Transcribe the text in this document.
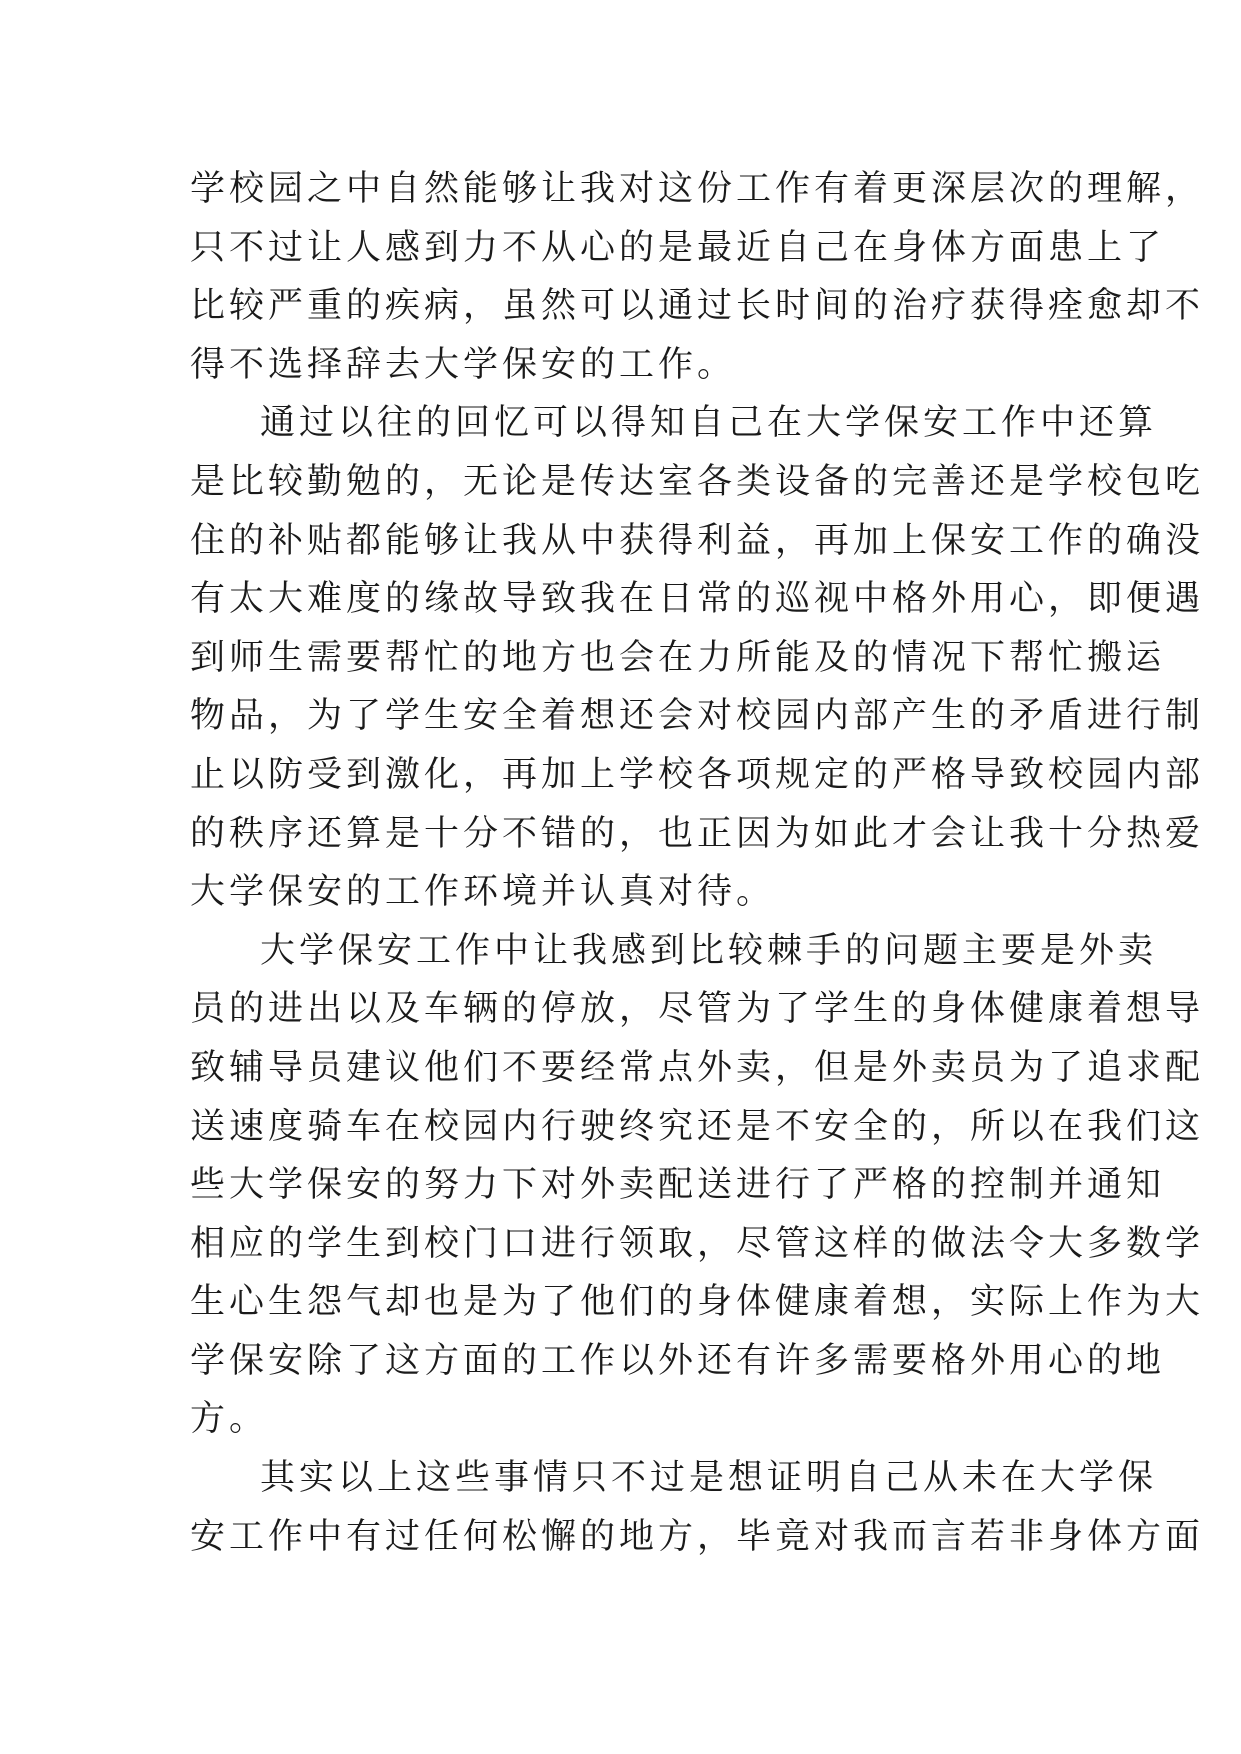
学校园之中自然能够让我对这份工作有着更深层次的理解，
只不过让人感到力不从心的是最近自己在身体方面患上了
比较严重的疾病，虽然可以通过长时间的治疗获得痊愈却不
得不选择辞去大学保安的工作。
通过以往的回忆可以得知自己在大学保安工作中还算
是比较勤勉的，无论是传达室各类设备的完善还是学校包吃
住的补贴都能够让我从中获得利益，再加上保安工作的确没
有太大难度的缘故导致我在日常的巡视中格外用心，即便遇
到师生需要帮忙的地方也会在力所能及的情况下帮忙搬运
物品，为了学生安全着想还会对校园内部产生的矛盾进行制
止以防受到激化，再加上学校各项规定的严格导致校园内部
的秩序还算是十分不错的，也正因为如此才会让我十分热爱
大学保安的工作环境并认真对待。
大学保安工作中让我感到比较棘手的问题主要是外卖
员的进出以及车辆的停放，尽管为了学生的身体健康着想导
致辅导员建议他们不要经常点外卖，但是外卖员为了追求配
送速度骑车在校园内行驶终究还是不安全的，所以在我们这
些大学保安的努力下对外卖配送进行了严格的控制并通知
相应的学生到校门口进行领取，尽管这样的做法令大多数学
生心生怨气却也是为了他们的身体健康着想，实际上作为大
学保安除了这方面的工作以外还有许多需要格外用心的地
方。
其实以上这些事情只不过是想证明自己从未在大学保
安工作中有过任何松懈的地方，毕竟对我而言若非身体方面
